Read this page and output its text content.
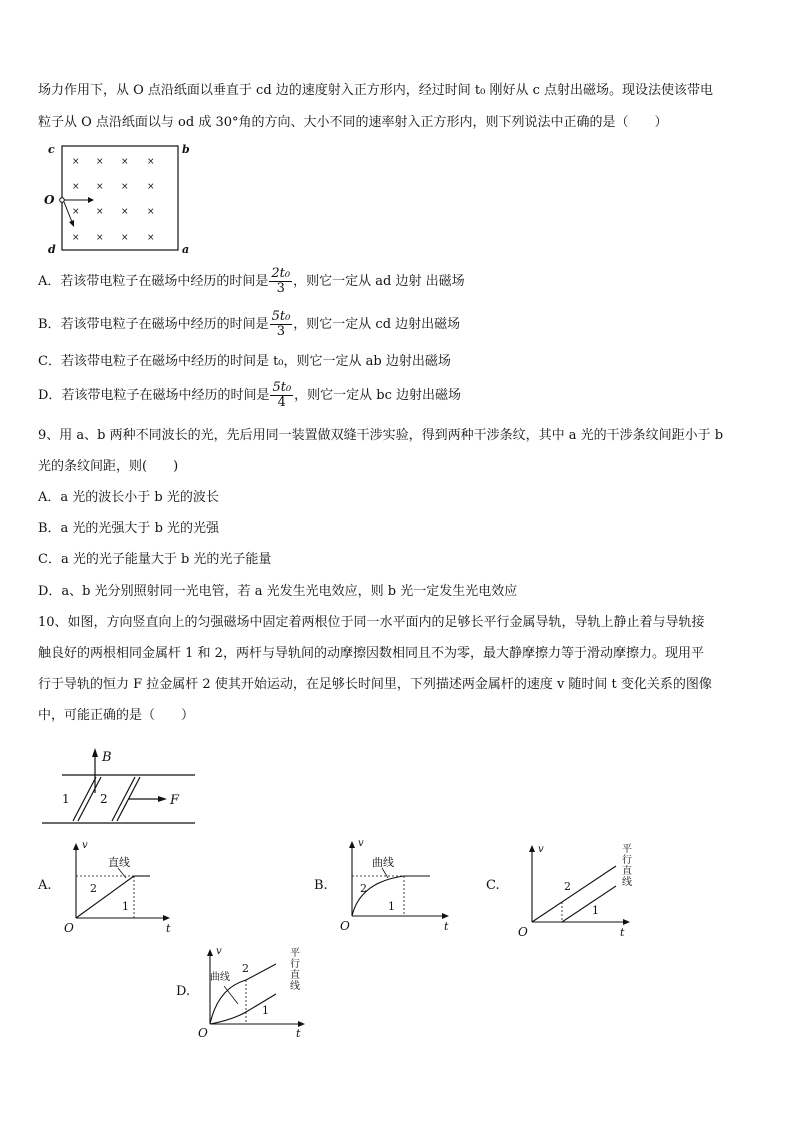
场力作用下，从 O 点沿纸面以垂直于 cd 边的速度射入正方形内，经过时间 t₀ 刚好从 c 点射出磁场。现设法使该带电
粒子从 O 点沿纸面以与 od 成 30°角的方向、大小不同的速率射入正方形内，则下列说法中正确的是（　　）
× × × ×
× × × ×
× × × ×
× × × ×
c	b
O
d	a
A．若该带电粒子在磁场中经历的时间是 $\frac{\text{2t₀}}{3}$ ，则它一定从 ad 边射 出磁场
B．若该带电粒子在磁场中经历的时间是 $\frac{\text{5t₀}}{3}$ ，则它一定从 cd 边射出磁场
C．若该带电粒子在磁场中经历的时间是 t₀，则它一定从 ab 边射出磁场
D．若该带电粒子在磁场中经历的时间是 $\frac{\text{5t₀}}{4}$ ，则它一定从 bc 边射出磁场
9、用 a、b 两种不同波长的光，先后用同一装置做双缝干涉实验，得到两种干涉条纹，其中 a 光的干涉条纹间距小于 b
光的条纹间距，则(　　)
A．a 光的波长小于 b 光的波长
B．a 光的光强大于 b 光的光强
C．a 光的光子能量大于 b 光的光子能量
D．a、b 光分别照射同一光电管，若 a 光发生光电效应，则 b 光一定发生光电效应
10、如图，方向竖直向上的匀强磁场中固定着两根位于同一水平面内的足够长平行金属导轨，导轨上静止着与导轨接
触良好的两根相同金属杆 1 和 2，两杆与导轨间的动摩擦因数相同且不为零，最大静摩擦力等于滑动摩擦力。现用平
行于导轨的恒力 F 拉金属杆 2 使其开始运动，在足够长时间里，下列描述两金属杆的速度 v 随时间 t 变化关系的图像
中，可能正确的是（　　）
B
F
1	2
A.
直线
2
1
v
t
O
B.
曲线
2
1
v
t
O
C.	2
1
平行直线
v
t
O
D.
曲线
2
1
平行直线
v
t
O
